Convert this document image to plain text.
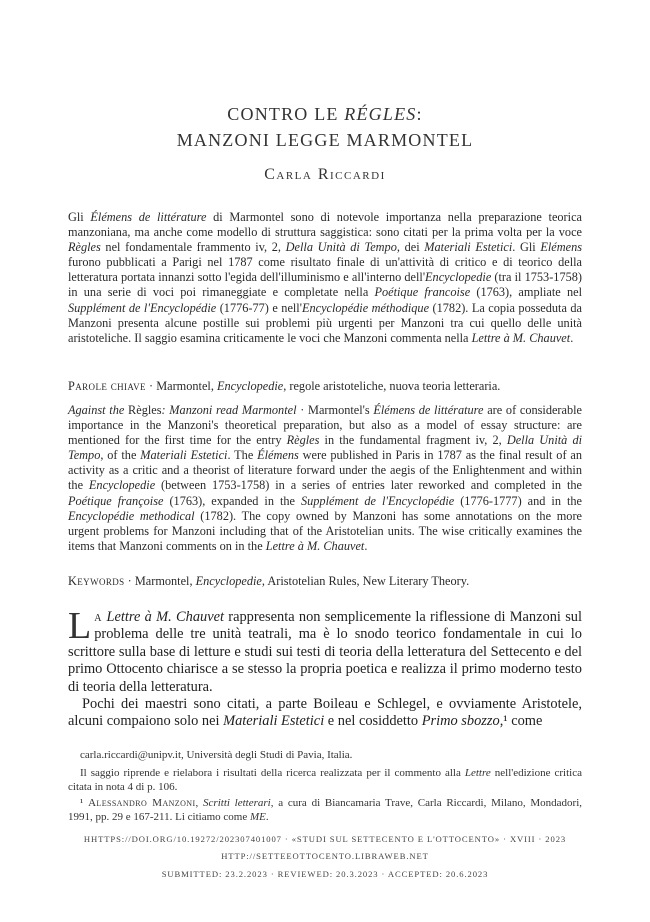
CONTRO LE RÉGLES:
MANZONI LEGGE MARMONTEL
Carla Riccardi
Gli Élémens de littérature di Marmontel sono di notevole importanza nella preparazione teorica manzoniana, ma anche come modello di struttura saggistica: sono citati per la prima volta per la voce Règles nel fondamentale frammento iv, 2, Della Unità di Tempo, dei Materiali Estetici. Gli Elémens furono pubblicati a Parigi nel 1787 come risultato finale di un'attività di critico e di teorico della letteratura portata innanzi sotto l'egida dell'illuminismo e all'interno dell'Encyclopedie (tra il 1753-1758) in una serie di voci poi rimaneggiate e completate nella Poétique francoise (1763), ampliate nel Supplément de l'Encyclopédie (1776-77) e nell'Encyclopédie méthodique (1782). La copia posseduta da Manzoni presenta alcune postille sui problemi più urgenti per Manzoni tra cui quello delle unità aristoteliche. Il saggio esamina criticamente le voci che Manzoni commenta nella Lettre à M. Chauvet.
Parole chiave · Marmontel, Encyclopedie, regole aristoteliche, nuova teoria letteraria.
Against the Règles: Manzoni read Marmontel · Marmontel's Élémens de littérature are of considerable importance in the Manzoni's theoretical preparation, but also as a model of essay structure: are mentioned for the first time for the entry Règles in the fundamental fragment iv, 2, Della Unità di Tempo, of the Materiali Estetici. The Élémens were published in Paris in 1787 as the final result of an activity as a critic and a theorist of literature forward under the aegis of the Enlightenment and within the Encyclopedie (between 1753-1758) in a series of entries later reworked and completed in the Poétique françoise (1763), expanded in the Supplément de l'Encyclopédie (1776-1777) and in the Encyclopédie methodical (1782). The copy owned by Manzoni has some annotations on the more urgent problems for Manzoni including that of the Aristotelian units. The wise critically examines the items that Manzoni comments on in the Lettre à M. Chauvet.
Keywords · Marmontel, Encyclopedie, Aristotelian Rules, New Literary Theory.
La Lettre à M. Chauvet rappresenta non semplicemente la riflessione di Manzoni sul problema delle tre unità teatrali, ma è lo snodo teorico fondamentale in cui lo scrittore sulla base di letture e studi sui testi di teoria della letteratura del Settecento e del primo Ottocento chiarisce a se stesso la propria poetica e realizza il primo moderno testo di teoria della letteratura.
Pochi dei maestri sono citati, a parte Boileau e Schlegel, e ovviamente Aristotele, alcuni compaiono solo nei Materiali Estetici e nel cosiddetto Primo sbozzo,¹ come
carla.riccardi@unipv.it, Università degli Studi di Pavia, Italia.
Il saggio riprende e rielabora i risultati della ricerca realizzata per il commento alla Lettre nell'edizione critica citata in nota 4 di p. 106.
¹ Alessandro Manzoni, Scritti letterari, a cura di Biancamaria Trave, Carla Riccardi, Milano, Mondadori, 1991, pp. 29 e 167-211. Li citiamo come ME.
HHTTPS://DOI.ORG/10.19272/202307401007 · «STUDI SUL SETTECENTO E L'OTTOCENTO» · XVIII · 2023
HTTP://SETTEEOTTOCENTO.LIBRAWEB.NET
SUBMITTED: 23.2.2023 · REVIEWED: 20.3.2023 · ACCEPTED: 20.6.2023
